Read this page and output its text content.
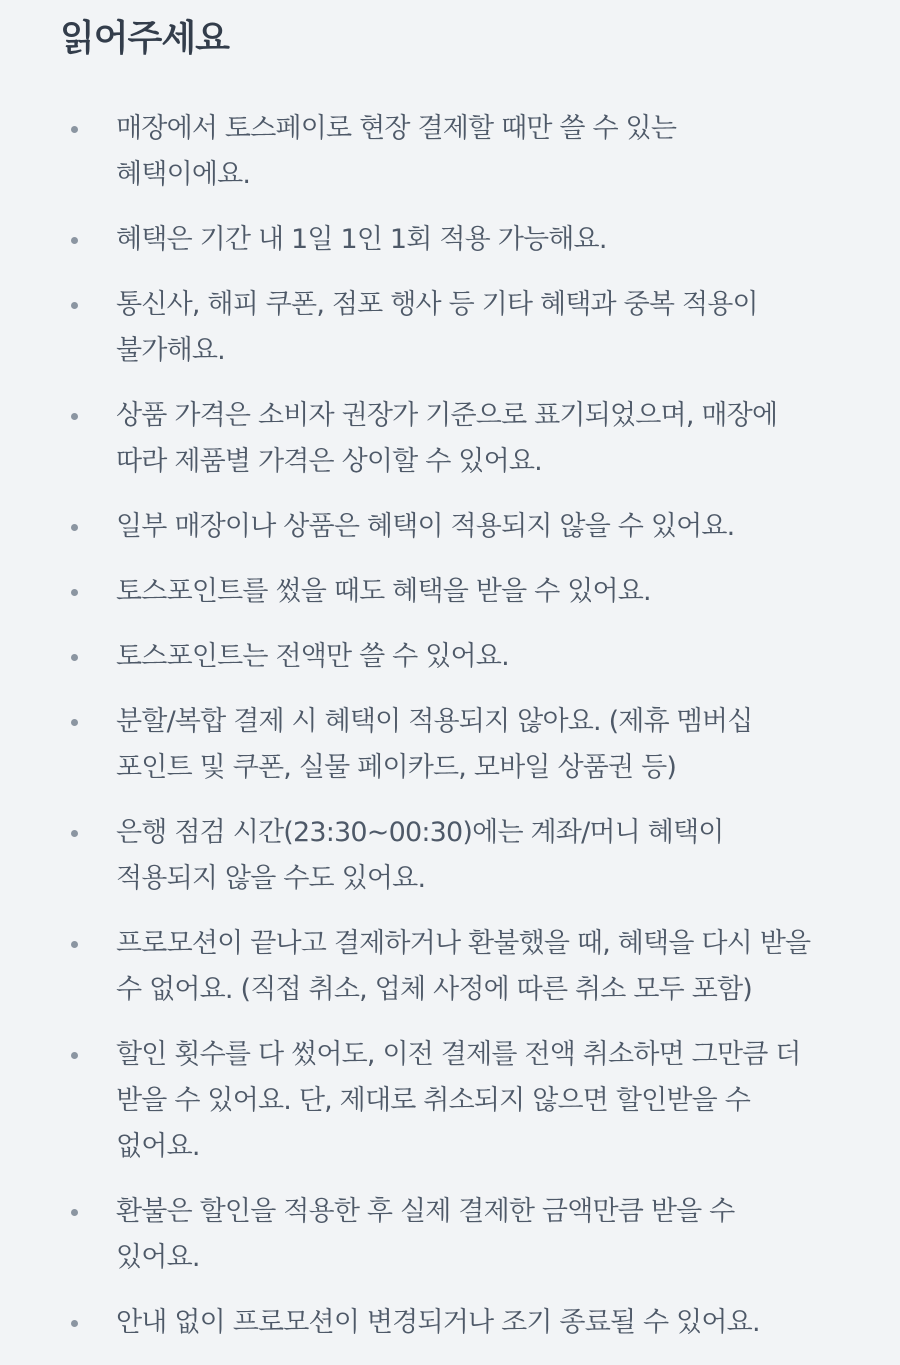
읽어주세요
매장에서 토스페이로 현장 결제할 때만 쓸 수 있는
혜택이에요.
혜택은 기간 내 1일 1인 1회 적용 가능해요.
통신사, 해피 쿠폰, 점포 행사 등 기타 혜택과 중복 적용이
불가해요.
상품 가격은 소비자 권장가 기준으로 표기되었으며, 매장에
따라 제품별 가격은 상이할 수 있어요.
일부 매장이나 상품은 혜택이 적용되지 않을 수 있어요.
토스포인트를 썼을 때도 혜택을 받을 수 있어요.
토스포인트는 전액만 쓸 수 있어요.
분할/복합 결제 시 혜택이 적용되지 않아요. (제휴 멤버십
포인트 및 쿠폰, 실물 페이카드, 모바일 상품권 등)
은행 점검 시간(23:30~00:30)에는 계좌/머니 혜택이
적용되지 않을 수도 있어요.
프로모션이 끝나고 결제하거나 환불했을 때, 혜택을 다시 받을
수 없어요. (직접 취소, 업체 사정에 따른 취소 모두 포함)
할인 횟수를 다 썼어도, 이전 결제를 전액 취소하면 그만큼 더
받을 수 있어요. 단, 제대로 취소되지 않으면 할인받을 수
없어요.
환불은 할인을 적용한 후 실제 결제한 금액만큼 받을 수
있어요.
안내 없이 프로모션이 변경되거나 조기 종료될 수 있어요.
